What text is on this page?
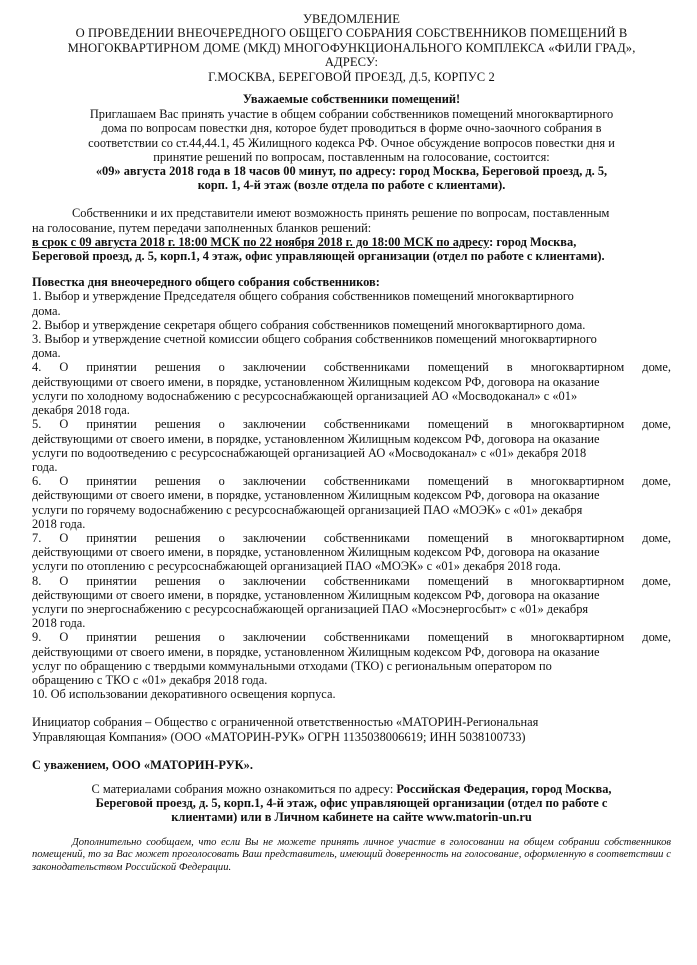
УВЕДОМЛЕНИЕ
О ПРОВЕДЕНИИ ВНЕОЧЕРЕДНОГО ОБЩЕГО СОБРАНИЯ СОБСТВЕННИКОВ ПОМЕЩЕНИЙ В
МНОГОКВАРТИРНОМ ДОМЕ (МКД) МНОГОФУНКЦИОНАЛЬНОГО КОМПЛЕКСА «ФИЛИ ГРАД»,
АДРЕСУ:
Г.МОСКВА, БЕРЕГОВОЙ ПРОЕЗД, Д.5, КОРПУС 2
Уважаемые собственники помещений!
Приглашаем Вас принять участие в общем собрании собственников помещений многоквартирного
дома по вопросам повестки дня, которое будет проводиться в форме очно-заочного собрания в
соответствии со ст.44,44.1, 45 Жилищного кодекса РФ. Очное обсуждение вопросов повестки дня и
принятие решений по вопросам, поставленным на голосование, состоится:
«09» августа 2018 года в 18 часов 00 минут, по адресу: город Москва, Береговой проезд, д. 5,
корп. 1, 4-й этаж (возле отдела по работе с клиентами).
Собственники и их представители имеют возможность принять решение по вопросам, поставленным
на голосование, путем передачи заполненных бланков решений:
в срок с 09 августа 2018 г. 18:00 МСК по 22 ноября 2018 г. до 18:00 МСК по адресу: город Москва,
Береговой проезд, д. 5, корп.1, 4 этаж, офис управляющей организации (отдел по работе с клиентами).
Повестка дня внеочередного общего собрания собственников:
1. Выбор и утверждение Председателя общего собрания собственников помещений многоквартирного
дома.
2. Выбор и утверждение секретаря общего собрания собственников помещений многоквартирного дома.
3. Выбор и утверждение счетной комиссии общего собрания собственников помещений многоквартирного
дома.
4. О принятии решения о заключении собственниками помещений в многоквартирном доме,
действующими от своего имени, в порядке, установленном Жилищным кодексом РФ, договора на оказание
услуги по холодному водоснабжению с ресурсоснабжающей организацией АО «Мосводоканал» с «01»
декабря 2018 года.
5. О принятии решения о заключении собственниками помещений в многоквартирном доме,
действующими от своего имени, в порядке, установленном Жилищным кодексом РФ, договора на оказание
услуги по водоотведению с ресурсоснабжающей организацией АО «Мосводоканал» с «01» декабря 2018
года.
6. О принятии решения о заключении собственниками помещений в многоквартирном доме,
действующими от своего имени, в порядке, установленном Жилищным кодексом РФ, договора на оказание
услуги по горячему водоснабжению с ресурсоснабжающей организацией ПАО «МОЭК» с «01» декабря
2018 года.
7. О принятии решения о заключении собственниками помещений в многоквартирном доме,
действующими от своего имени, в порядке, установленном Жилищным кодексом РФ, договора на оказание
услуги по отоплению с ресурсоснабжающей организацией ПАО «МОЭК» с «01» декабря 2018 года.
8. О принятии решения о заключении собственниками помещений в многоквартирном доме,
действующими от своего имени, в порядке, установленном Жилищным кодексом РФ, договора на оказание
услуги по энергоснабжению с ресурсоснабжающей организацией ПАО «Мосэнергосбыт» с «01» декабря
2018 года.
9. О принятии решения о заключении собственниками помещений в многоквартирном доме,
действующими от своего имени, в порядке, установленном Жилищным кодексом РФ, договора на оказание
услуг по обращению с твердыми коммунальными отходами (ТКО) с региональным оператором по
обращению с ТКО с «01» декабря 2018 года.
10. Об использовании декоративного освещения корпуса.
Инициатор собрания – Общество с ограниченной ответственностью «МАТОРИН-Региональная
Управляющая Компания» (ООО «МАТОРИН-РУК» ОГРН 1135038006619; ИНН 5038100733)
С уважением, ООО «МАТОРИН-РУК».
С материалами собрания можно ознакомиться по адресу: Российская Федерация, город Москва,
Береговой проезд, д. 5, корп.1, 4-й этаж, офис управляющей организации (отдел по работе с
клиентами) или в Личном кабинете на сайте www.matorin-un.ru
Дополнительно сообщаем, что если Вы не можете принять личное участие в голосовании на общем собрании собственников помещений, то за Вас может проголосовать Ваш представитель, имеющий доверенность на голосование, оформленную в соответствии с законодательством Российской Федерации.
